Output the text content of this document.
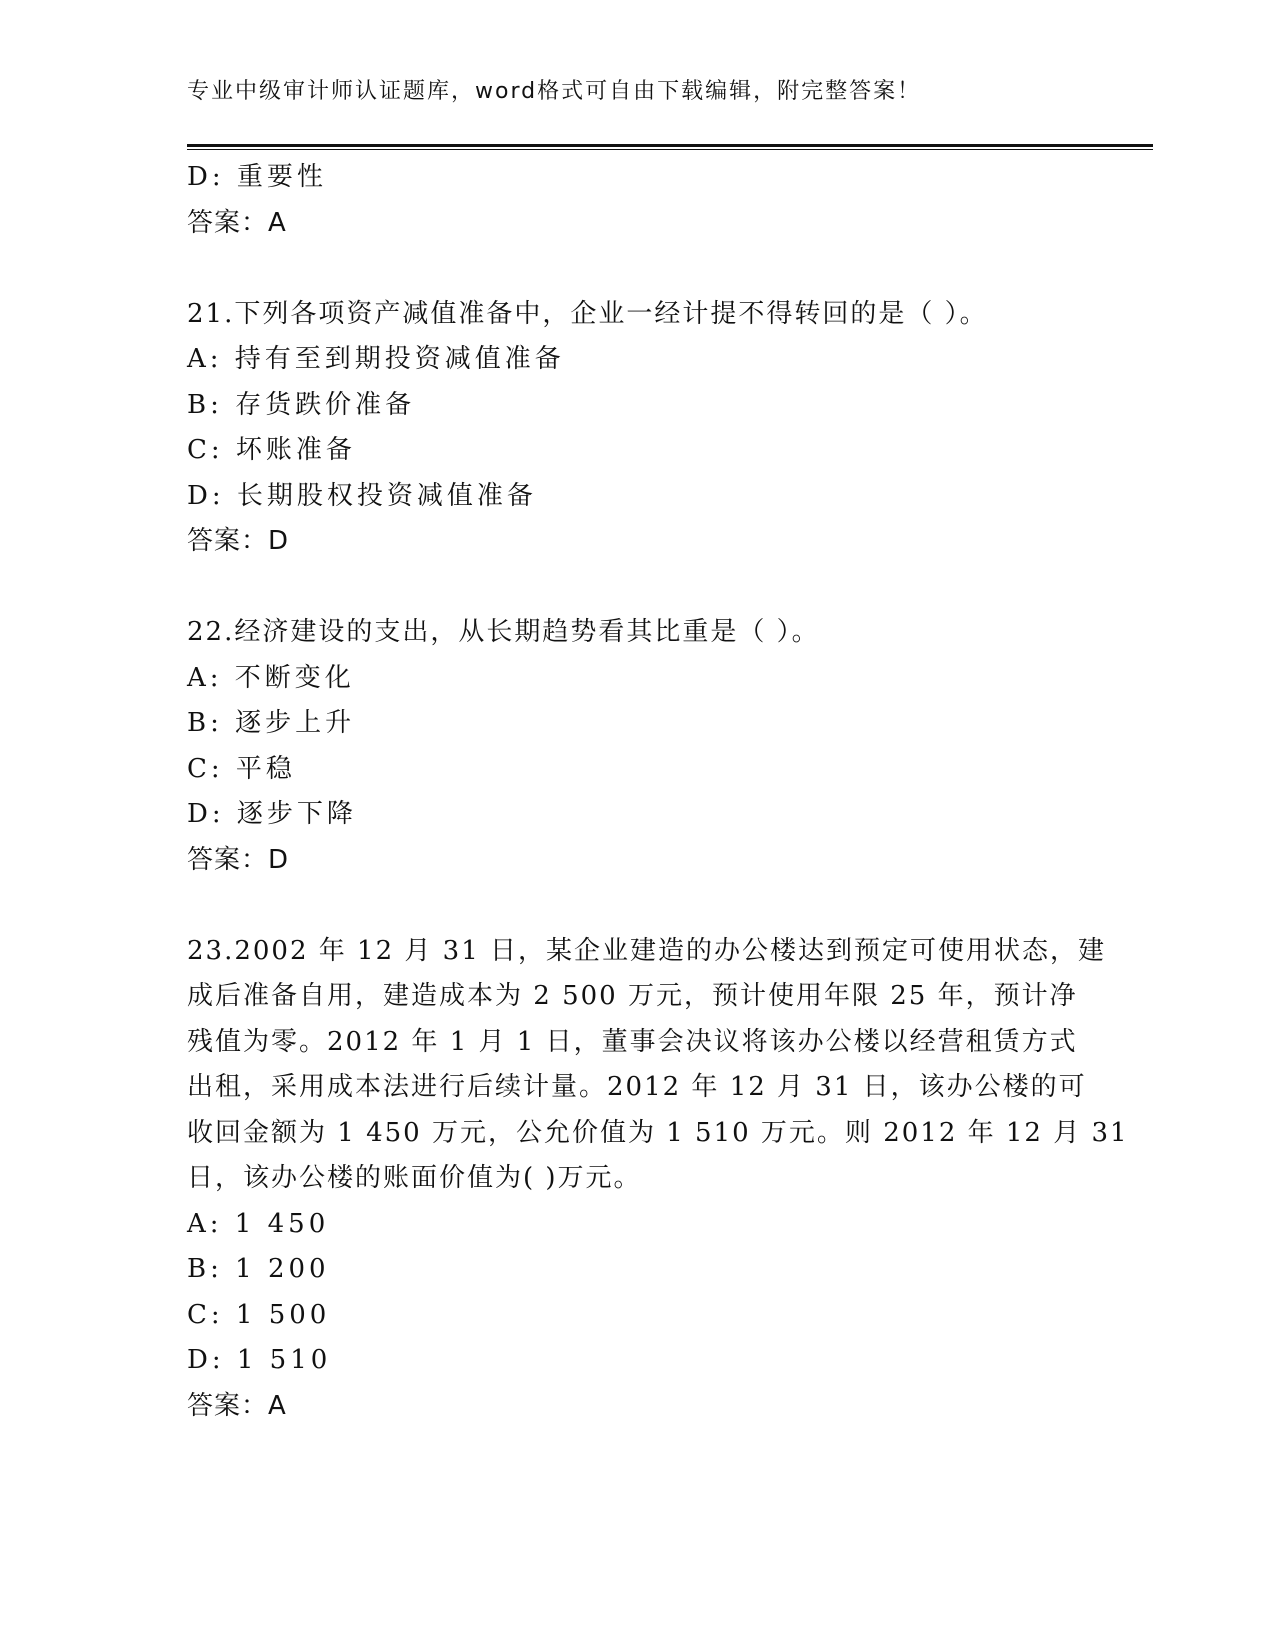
专业中级审计师认证题库，word格式可自由下载编辑，附完整答案！
D: 重要性
答案：A
21.下列各项资产减值准备中，企业一经计提不得转回的是（ ）。
A: 持有至到期投资减值准备
B: 存货跌价准备
C: 坏账准备
D: 长期股权投资减值准备
答案：D
22.经济建设的支出，从长期趋势看其比重是（ ）。
A: 不断变化
B: 逐步上升
C: 平稳
D: 逐步下降
答案：D
23.2002 年 12 月 31 日，某企业建造的办公楼达到预定可使用状态，建
成后准备自用，建造成本为 2 500 万元，预计使用年限 25 年，预计净
残值为零。2012 年 1 月 1 日，董事会决议将该办公楼以经营租赁方式
出租，采用成本法进行后续计量。2012 年 12 月 31 日，该办公楼的可
收回金额为 1 450 万元，公允价值为 1 510 万元。则 2012 年 12 月 31
日，该办公楼的账面价值为( )万元。
A: 1 450
B: 1 200
C: 1 500
D: 1 510
答案：A
